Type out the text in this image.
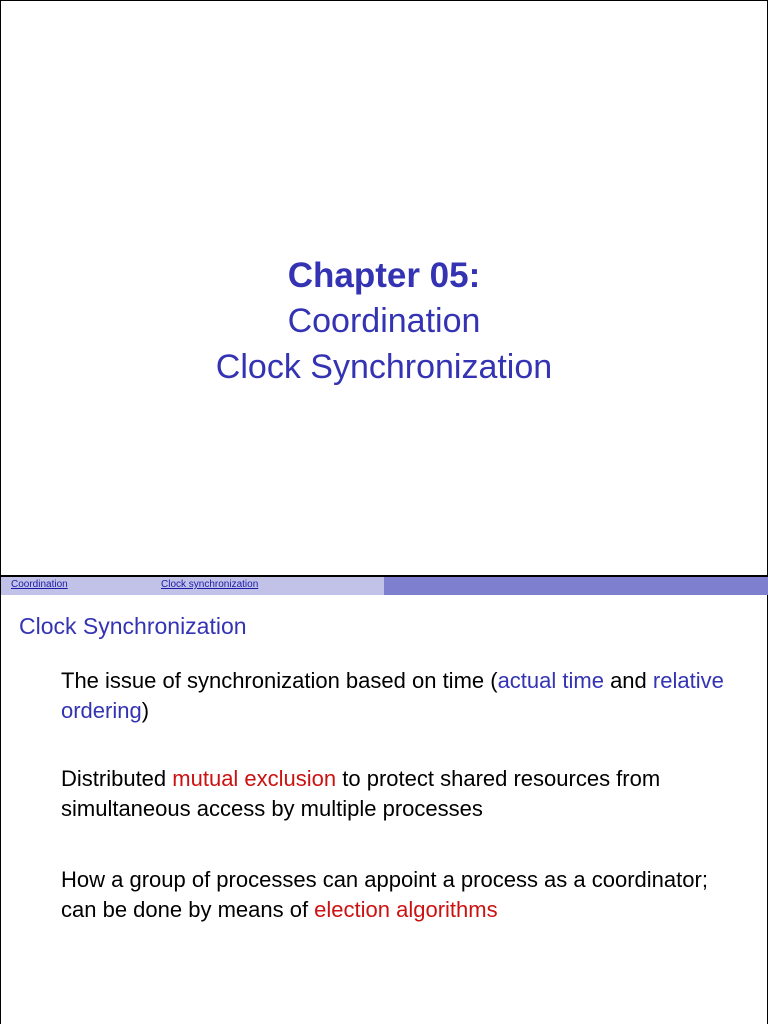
Chapter 05:

Coordination

Clock Synchronization

Coordination	Clock synchronization
Clock Synchronization
The issue of synchronization based on time (actual time and relative ordering)
Distributed mutual exclusion to protect shared resources from simultaneous access by multiple processes
How a group of processes can appoint a process as a coordinator; can be done by means of election algorithms
